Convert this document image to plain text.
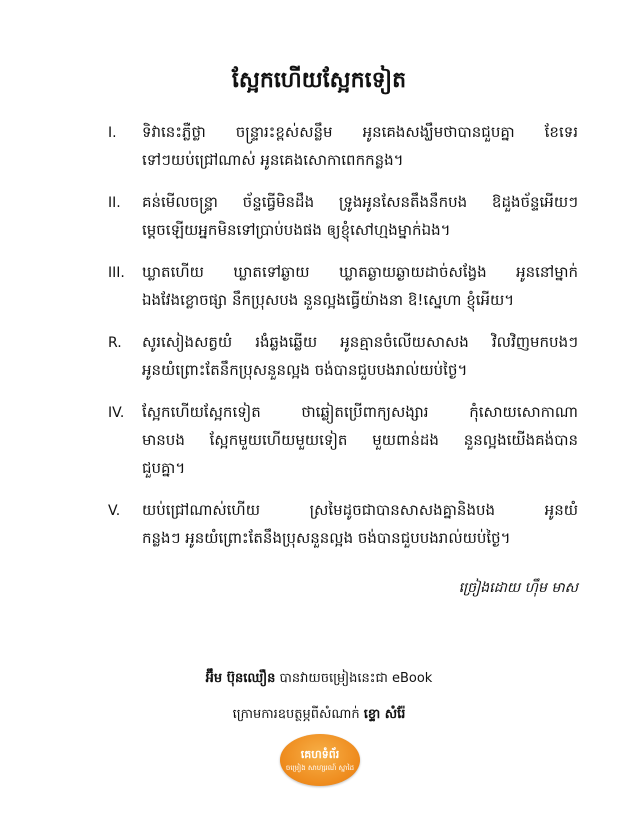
ស្អែកហើយស្អែកទៀត
I. ទិវានេះភ្លឺថ្លា ចន្ទ្រារះខ្ពស់សន្លឹម អូនគេងសង្ឃឹមថាបានជួបគ្នា ខែទេរ
ទៅៗយប់ជ្រៅណាស់ អូនគេងសោកាពេកកន្លង។
II. គន់មើលចន្ទ្រា ច័ន្ទធ្វើមិនដឹង ទ្រូងអូនសែនតឹងនឹកបង ឱដួងច័ន្ទអើយៗ
ម្តេចឡើយអ្នកមិនទៅប្រាប់បងផង ឲ្យខ្ញុំសៅហ្មងម្នាក់ឯង។
III. ឃ្លាតហើយ ឃ្លាតទៅឆ្ងាយ ឃ្លាតឆ្ងាយឆ្ងាយដាច់សង្វែង អូននៅម្នាក់
ឯងវែងខ្លោចផ្សា នឹកប្រុសបង នួនល្អងធ្វើយ៉ាងនា ឱ!ស្នេហា ខ្ញុំអើយ។
R. សូរសៀងសត្វយំ រងំឆ្លងឆ្លើយ អូនគ្មានចំលើយសាសង វិលវិញមកបងៗ
អូនយំព្រោះតែនឹកប្រុសនួនល្អង ចង់បានជួបបងរាល់យប់ថ្ងៃ។
IV. ស្អែកហើយស្អែកទៀត ថាឆ្លៀតប្រើពាក្យសង្សារ កុំសោយសោកាណា
មានបង ស្អែកមួយហើយមួយទៀត មួយពាន់ដង នួនល្អងយើងគង់បាន
ជួបគ្នា។
V. យប់ជ្រៅណាស់ហើយ ស្រមៃដូចជាបានសាសងគ្នានិងបង អូនយំ
កន្លងៗ អូនយំព្រោះតែនឹងប្រុសនួនល្អង ចង់បានជួបបងរាល់យប់ថ្ងៃ។
ច្រៀងដោយ ហុឹម មាស
អ៊ឹម ប៊ុនឈឿន បានវាយចម្រៀងនេះជា eBook
ក្រោមការឧបត្ថម្ភពីសំណាក់ ខ្ទោ សំរ៉ែ
គេហទំព័រ
ចម្រៀង សាហ្សរណ៍ ស្នាដៃ
